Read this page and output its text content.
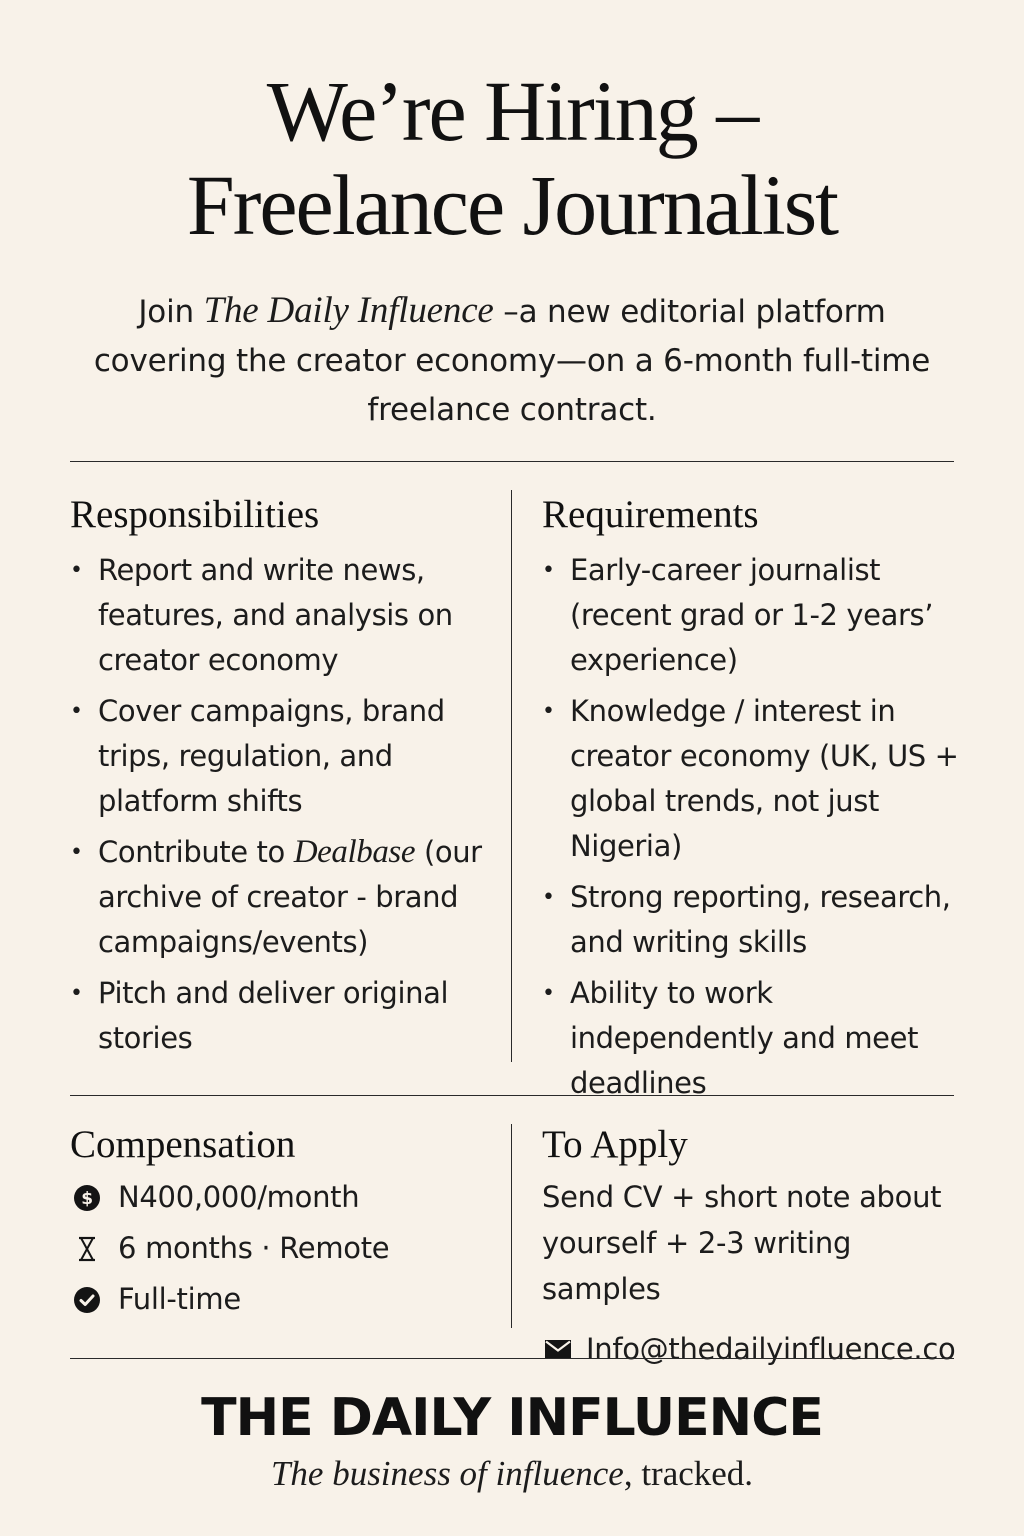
We’re Hiring –
Freelance Journalist
Join The Daily Influence –a new editorial platform covering the creator economy—on a 6-month full-time freelance contract.
Responsibilities
• Report and write news, features, and analysis on creator economy
• Cover campaigns, brand trips, regulation, and platform shifts
• Contribute to Dealbase (our archive of creator - brand campaigns/events)
• Pitch and deliver original stories
Requirements
• Early-career journalist (recent grad or 1-2 years’ experience)
• Knowledge / interest in creator economy (UK, US + global trends, not just Nigeria)
• Strong reporting, research, and writing skills
• Ability to work independently and meet deadlines
Compensation
$ N400,000/month
6 months · Remote
Full-time
To Apply

Send CV + short note about yourself + 2-3 writing samples

Info@thedailyinfluence.co
THE DAILY INFLUENCE
The business of influence, tracked.
